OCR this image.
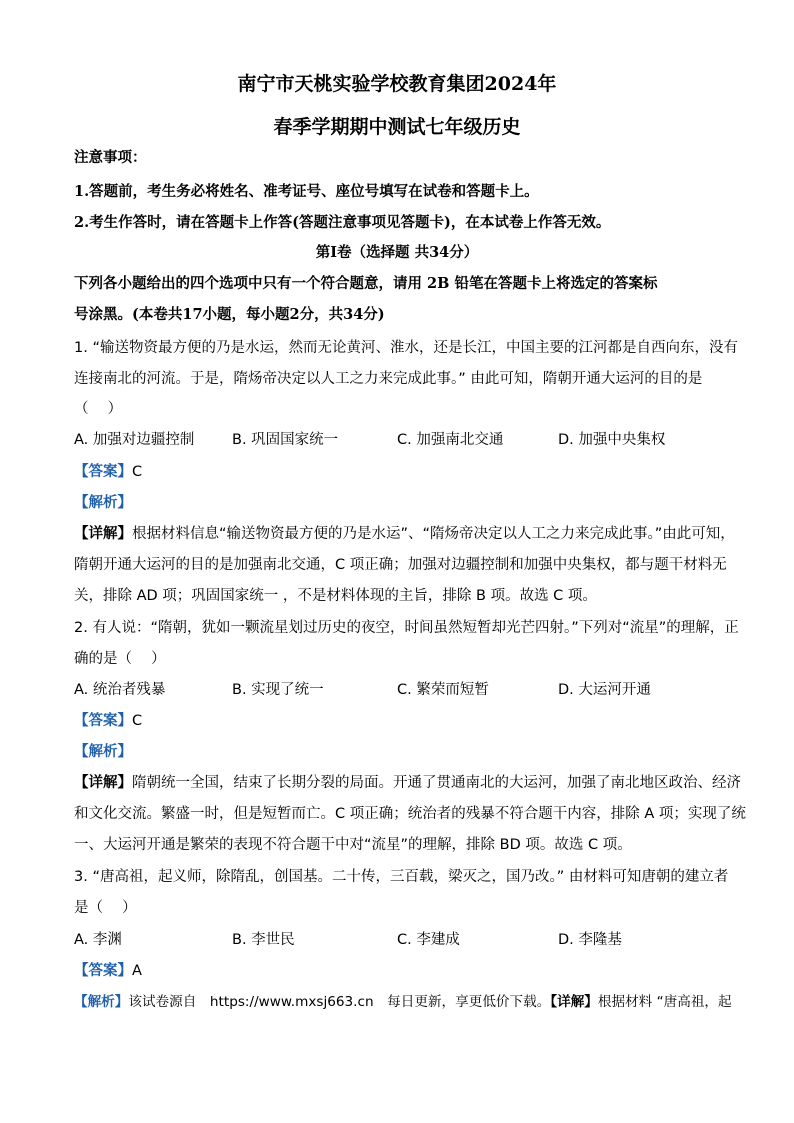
南宁市天桃实验学校教育集团2024年
春季学期期中测试七年级历史
注意事项：
1.答题前，考生务必将姓名、准考证号、座位号填写在试卷和答题卡上。
2.考生作答时，请在答题卡上作答(答题注意事项见答题卡)，在本试卷上作答无效。
第Ⅰ卷（选择题 共34分）
下列各小题给出的四个选项中只有一个符合题意，请用 2B 铅笔在答题卡上将选定的答案标
号涂黑。(本卷共17小题，每小题2分，共34分)
1. “输送物资最方便的乃是水运，然而无论黄河、淮水，还是长江，中国主要的江河都是自西向东，没有
连接南北的河流。于是，隋炀帝决定以人工之力来完成此事。” 由此可知，隋朝开通大运河的目的是
（　 ）
A. 加强对边疆控制	B. 巩固国家统一	C. 加强南北交通	D. 加强中央集权
【答案】C
【解析】
【详解】根据材料信息“输送物资最方便的乃是水运”、“隋炀帝决定以人工之力来完成此事。”由此可知，
隋朝开通大运河的目的是加强南北交通，C 项正确；加强对边疆控制和加强中央集权，都与题干材料无
关，排除 AD 项；巩固国家统一 ，不是材料体现的主旨，排除 B 项。故选 C 项。
2. 有人说：“隋朝，犹如一颗流星划过历史的夜空，时间虽然短暂却光芒四射。”下列对“流星”的理解，正
确的是（　 ）
A. 统治者残暴	B. 实现了统一	C. 繁荣而短暂	D. 大运河开通
【答案】C
【解析】
【详解】隋朝统一全国，结束了长期分裂的局面。开通了贯通南北的大运河，加强了南北地区政治、经济
和文化交流。繁盛一时，但是短暂而亡。C 项正确；统治者的残暴不符合题干内容，排除 A 项；实现了统
一、大运河开通是繁荣的表现不符合题干中对“流星”的理解，排除 BD 项。故选 C 项。
3. “唐高祖，起义师，除隋乱，创国基。二十传，三百载，梁灭之，国乃改。” 由材料可知唐朝的建立者
是（　 ）
A. 李渊	B. 李世民	C. 李建成	D. 李隆基
【答案】A
【解析】该试卷源自　https://www.mxsj663.cn　每日更新，享更低价下载。【详解】根据材料 “唐高祖，起
